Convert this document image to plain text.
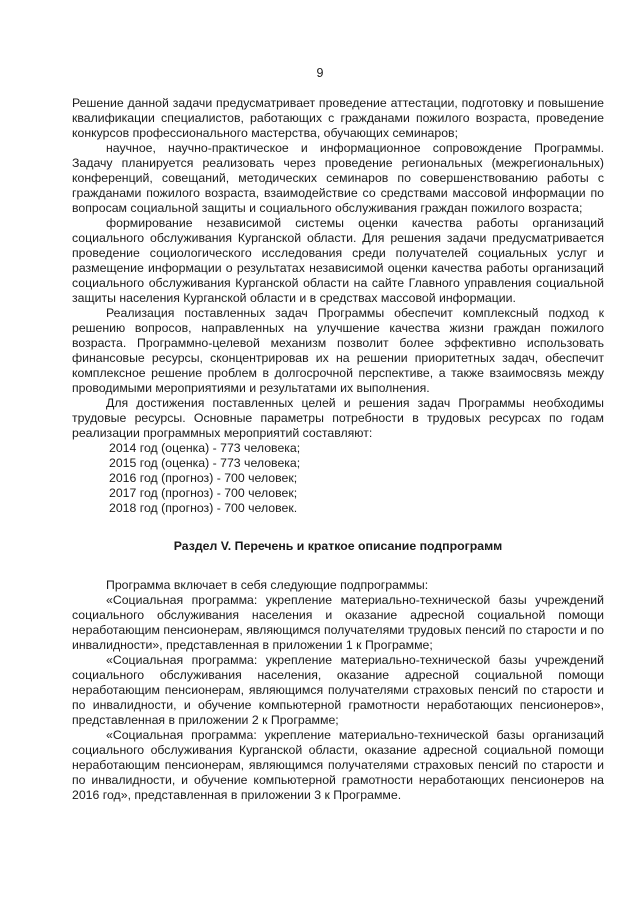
9

Решение данной задачи предусматривает проведение аттестации, подготовку и повышение квалификации специалистов, работающих с гражданами пожилого возраста, проведение конкурсов профессионального мастерства, обучающих семинаров;

научное, научно-практическое и информационное сопровождение Программы. Задачу планируется реализовать через проведение региональных (межрегиональных) конференций, совещаний, методических семинаров по совершенствованию работы с гражданами пожилого возраста, взаимодействие со средствами массовой информации по вопросам социальной защиты и социального обслуживания граждан пожилого возраста;

формирование независимой системы оценки качества работы организаций социального обслуживания Курганской области. Для решения задачи предусматривается проведение социологического исследования среди получателей социальных услуг и размещение информации о результатах независимой оценки качества работы организаций социального обслуживания Курганской области на сайте Главного управления социальной защиты населения Курганской области и в средствах массовой информации.

Реализация поставленных задач Программы обеспечит комплексный подход к решению вопросов, направленных на улучшение качества жизни граждан пожилого возраста. Программно-целевой механизм позволит более эффективно использовать финансовые ресурсы, сконцентрировав их на решении приоритетных задач, обеспечит комплексное решение проблем в долгосрочной перспективе, а также взаимосвязь между проводимыми мероприятиями и результатами их выполнения.

Для достижения поставленных целей и решения задач Программы необходимы трудовые ресурсы. Основные параметры потребности в трудовых ресурсах по годам реализации программных мероприятий составляют:

2014 год (оценка) - 773 человека;
2015 год (оценка) - 773 человека;
2016 год (прогноз) - 700 человек;
2017 год (прогноз) - 700 человек;
2018 год (прогноз) - 700 человек.
Раздел V. Перечень и краткое описание подпрограмм

Программа включает в себя следующие подпрограммы:

«Социальная программа: укрепление материально-технической базы учреждений социального обслуживания населения и оказание адресной социальной помощи неработающим пенсионерам, являющимся получателями трудовых пенсий по старости и по инвалидности», представленная в приложении 1 к Программе;

«Социальная программа: укрепление материально-технической базы учреждений социального обслуживания населения, оказание адресной социальной помощи неработающим пенсионерам, являющимся получателями страховых пенсий по старости и по инвалидности, и обучение компьютерной грамотности неработающих пенсионеров», представленная в приложении 2 к Программе;

«Социальная программа: укрепление материально-технической базы организаций социального обслуживания Курганской области, оказание адресной социальной помощи неработающим пенсионерам, являющимся получателями страховых пенсий по старости и по инвалидности, и обучение компьютерной грамотности неработающих пенсионеров на 2016 год», представленная в приложении 3 к Программе.
